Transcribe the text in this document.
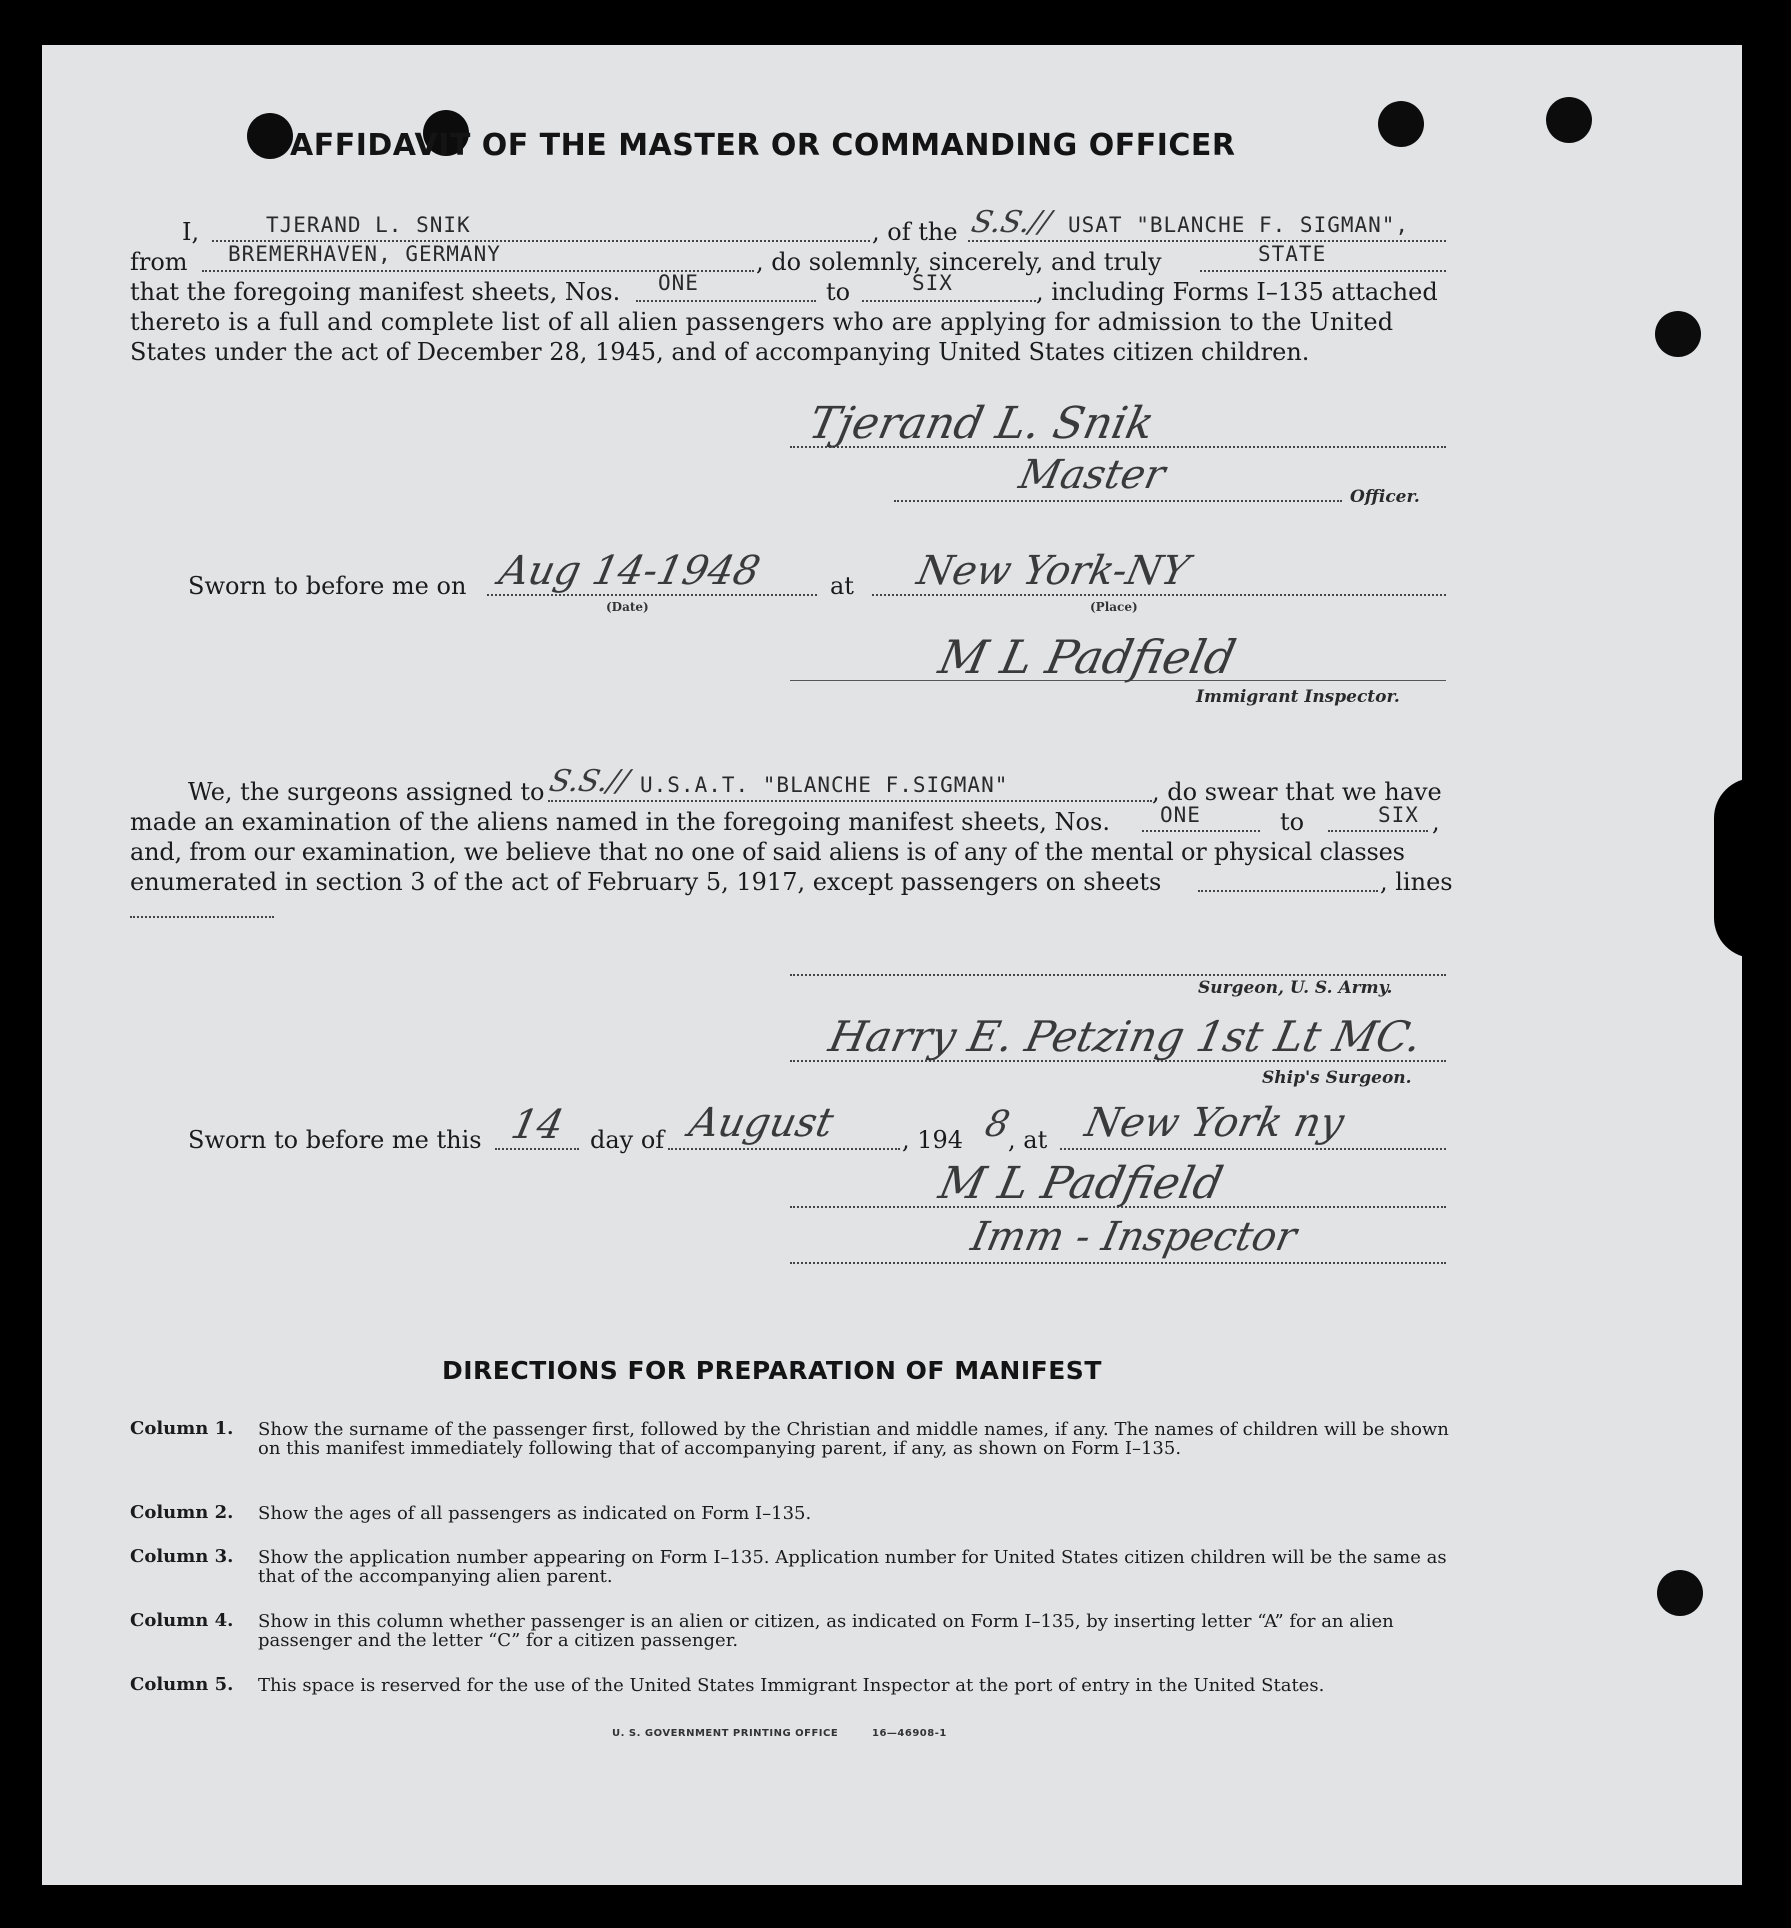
AFFIDAVIT OF THE MASTER OR COMMANDING OFFICER
I,	TJERAND L. SNIK	, of the S.S.// USAT "BLANCHE F. SIGMAN",
from BREMERHAVEN, GERMANY	, do solemnly, sincerely, and truly	STATE
that the foregoing manifest sheets, Nos. ONE	to	SIX	, including Forms I–135 attached
thereto is a full and complete list of all alien passengers who are applying for admission to the United
States under the act of December 28, 1945, and of accompanying United States citizen children.
Tjerand L. Snik
Master	Officer.
Sworn to before me on Aug 14-1948
(Date)
at New York-NY
(Place)
M L Padfield
Immigrant Inspector.
We, the surgeons assigned to S.S.// U.S.A.T. "BLANCHE F.SIGMAN"	, do swear that we have
made an examination of the aliens named in the foregoing manifest sheets, Nos. ONE	to	SIX ,
and, from our examination, we believe that no one of said aliens is of any of the mental or physical classes
enumerated in section 3 of the act of February 5, 1917, except passengers on sheets	, lines
Surgeon, U. S. Army.
Harry E. Petzing 1st Lt MC.
Ship's Surgeon.
Sworn to before me this 14 day of August	, 194 8
, at New York ny
M L Padfield
Imm - Inspector
DIRECTIONS FOR PREPARATION OF MANIFEST
Column 1. Show the surname of the passenger first, followed by the Christian and middle names, if any. The names of children will be shown on this manifest immediately following that of accompanying parent, if any, as shown on Form I–135.
Column 2. Show the ages of all passengers as indicated on Form I–135.
Column 3. Show the application number appearing on Form I–135. Application number for United States citizen children will be the same as that of the accompanying alien parent.
Column 4. Show in this column whether passenger is an alien or citizen, as indicated on Form I–135, by inserting letter “A” for an alien passenger and the letter “C” for a citizen passenger.
Column 5. This space is reserved for the use of the United States Immigrant Inspector at the port of entry in the United States.
U. S. GOVERNMENT PRINTING OFFICE	16—46908-1
